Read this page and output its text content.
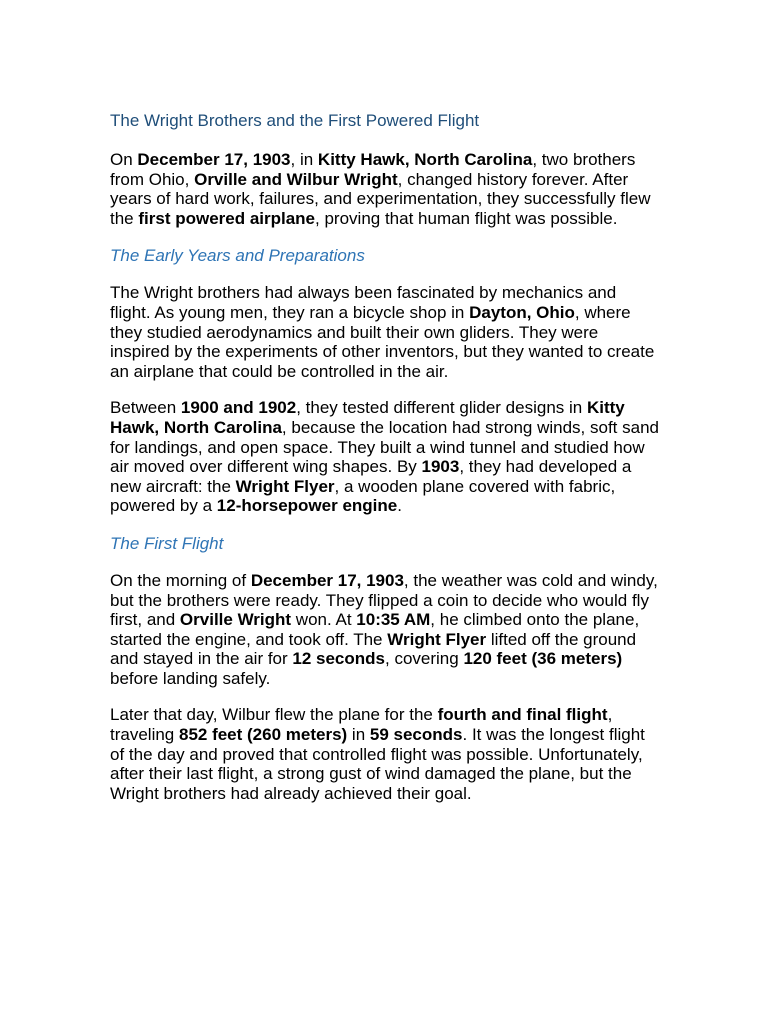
The Wright Brothers and the First Powered Flight

On December 17, 1903, in Kitty Hawk, North Carolina, two brothers from Ohio, Orville and Wilbur Wright, changed history forever. After years of hard work, failures, and experimentation, they successfully flew the first powered airplane, proving that human flight was possible.

The Early Years and Preparations

The Wright brothers had always been fascinated by mechanics and flight. As young men, they ran a bicycle shop in Dayton, Ohio, where they studied aerodynamics and built their own gliders. They were inspired by the experiments of other inventors, but they wanted to create an airplane that could be controlled in the air.

Between 1900 and 1902, they tested different glider designs in Kitty Hawk, North Carolina, because the location had strong winds, soft sand for landings, and open space. They built a wind tunnel and studied how air moved over different wing shapes. By 1903, they had developed a new aircraft: the Wright Flyer, a wooden plane covered with fabric, powered by a 12-horsepower engine.

The First Flight

On the morning of December 17, 1903, the weather was cold and windy, but the brothers were ready. They flipped a coin to decide who would fly first, and Orville Wright won. At 10:35 AM, he climbed onto the plane, started the engine, and took off. The Wright Flyer lifted off the ground and stayed in the air for 12 seconds, covering 120 feet (36 meters) before landing safely.

Later that day, Wilbur flew the plane for the fourth and final flight, traveling 852 feet (260 meters) in 59 seconds. It was the longest flight of the day and proved that controlled flight was possible. Unfortunately, after their last flight, a strong gust of wind damaged the plane, but the Wright brothers had already achieved their goal.
